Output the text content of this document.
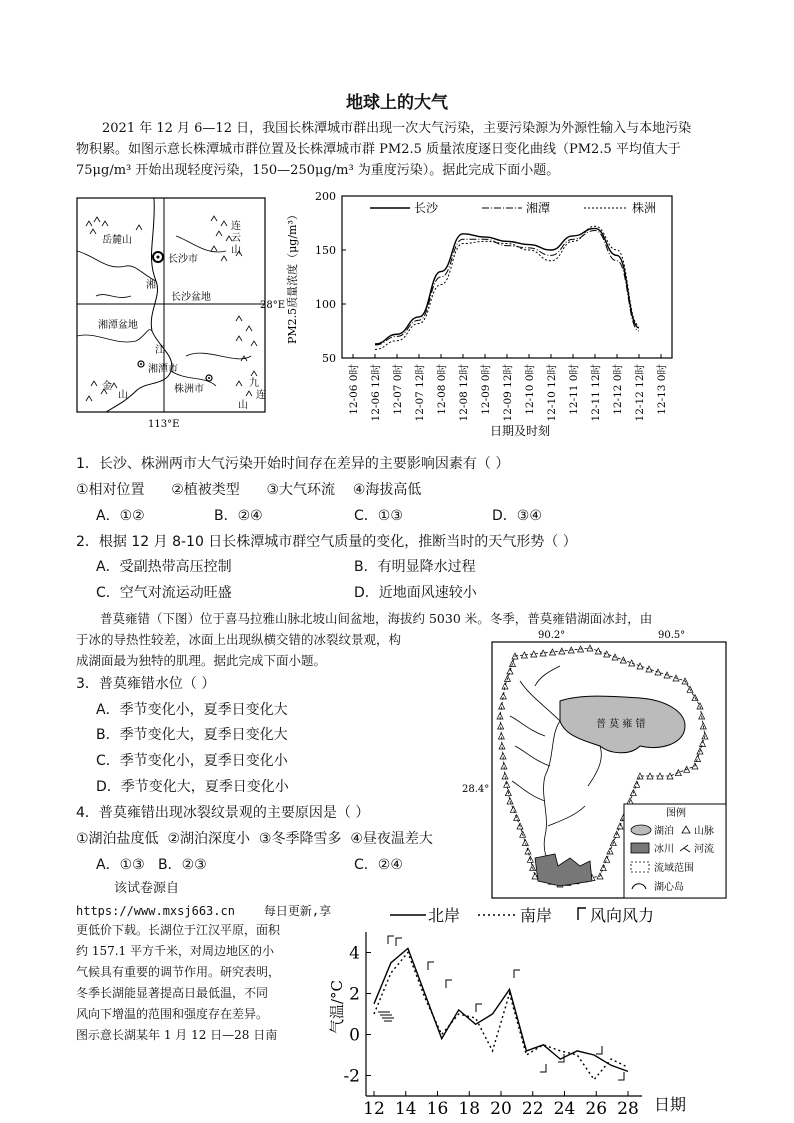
地球上的大气
2021 年 12 月 6—12 日，我国长株潭城市群出现一次大气污染，主要污染源为外源性输入与本地污染
物积累。如图示意长株潭城市群位置及长株潭城市群 PM2.5 质量浓度逐日变化曲线（PM2.5 平均值大于
75μg/m³ 开始出现轻度污染，150—250μg/m³ 为重度污染）。据此完成下面小题。
岳麓山
连
云
山
长沙市
湘
长沙盆地
28°E
湘潭盆地
江
湘潭市
株洲市
金
山
九
连
山
113°E
50
100
150
200
12-06 0时 12-06 12时 12-07 0时 12-07 12时 12-08 0时 12-08 12时 12-09 0时 12-09 12时 12-10 0时 12-10 12时 12-11 0时 12-11 12时 12-12 0时 12-12 12时 12-13 0时
长沙	湘潭	株洲
PM2.5质量浓度（μg/m³）
日期及时刻
1．长沙、株洲两市大气污染开始时间存在差异的主要影响因素有（ ）
①相对位置      ②植被类型      ③大气环流    ④海拔高低
A．①②	B．②④	C．①③	D．③④
2．根据 12 月 8-10 日长株潭城市群空气质量的变化，推断当时的天气形势（ ）
A．受副热带高压控制	B．有明显降水过程
C．空气对流运动旺盛	D．近地面风速较小
普莫雍错（下图）位于喜马拉雅山脉北坡山间盆地，海拔约 5030 米。冬季，普莫雍错湖面冰封，由
于冰的导热性较差，冰面上出现纵横交错的冰裂纹景观，构
成湖面最为独特的肌理。据此完成下面小题。
3．普莫雍错水位（ ）
A．季节变化小，夏季日变化大
B．季节变化大，夏季日变化大
C．季节变化小，夏季日变化小
D．季节变化大，夏季日变化小
4．普莫雍错出现冰裂纹景观的主要原因是（ ）
①湖泊盐度低  ②湖泊深度小  ③冬季降雪多  ④昼夜温差大
A．①③   B．②③	C．②④
该试卷源自
https://www.mxsj663.cn    每日更新,享
更低价下载。长湖位于江汉平原，面积
约 157.1 平方千米，对周边地区的小
气候具有重要的调节作用。研究表明，
冬季长湖能显著提高日最低温，不同
风向下增温的范围和强度存在差异。
图示意长湖某年 1 月 12 日—28 日南
90.2°	90.5°
28.4°
普 莫 雍 错
图例
湖泊 山脉
冰川 河流
流域范围
湖心岛
北岸	南岸 风向风力
气温/°C
日期
4
2
0
-2
12 14 16 18 20 22 24 26 28
